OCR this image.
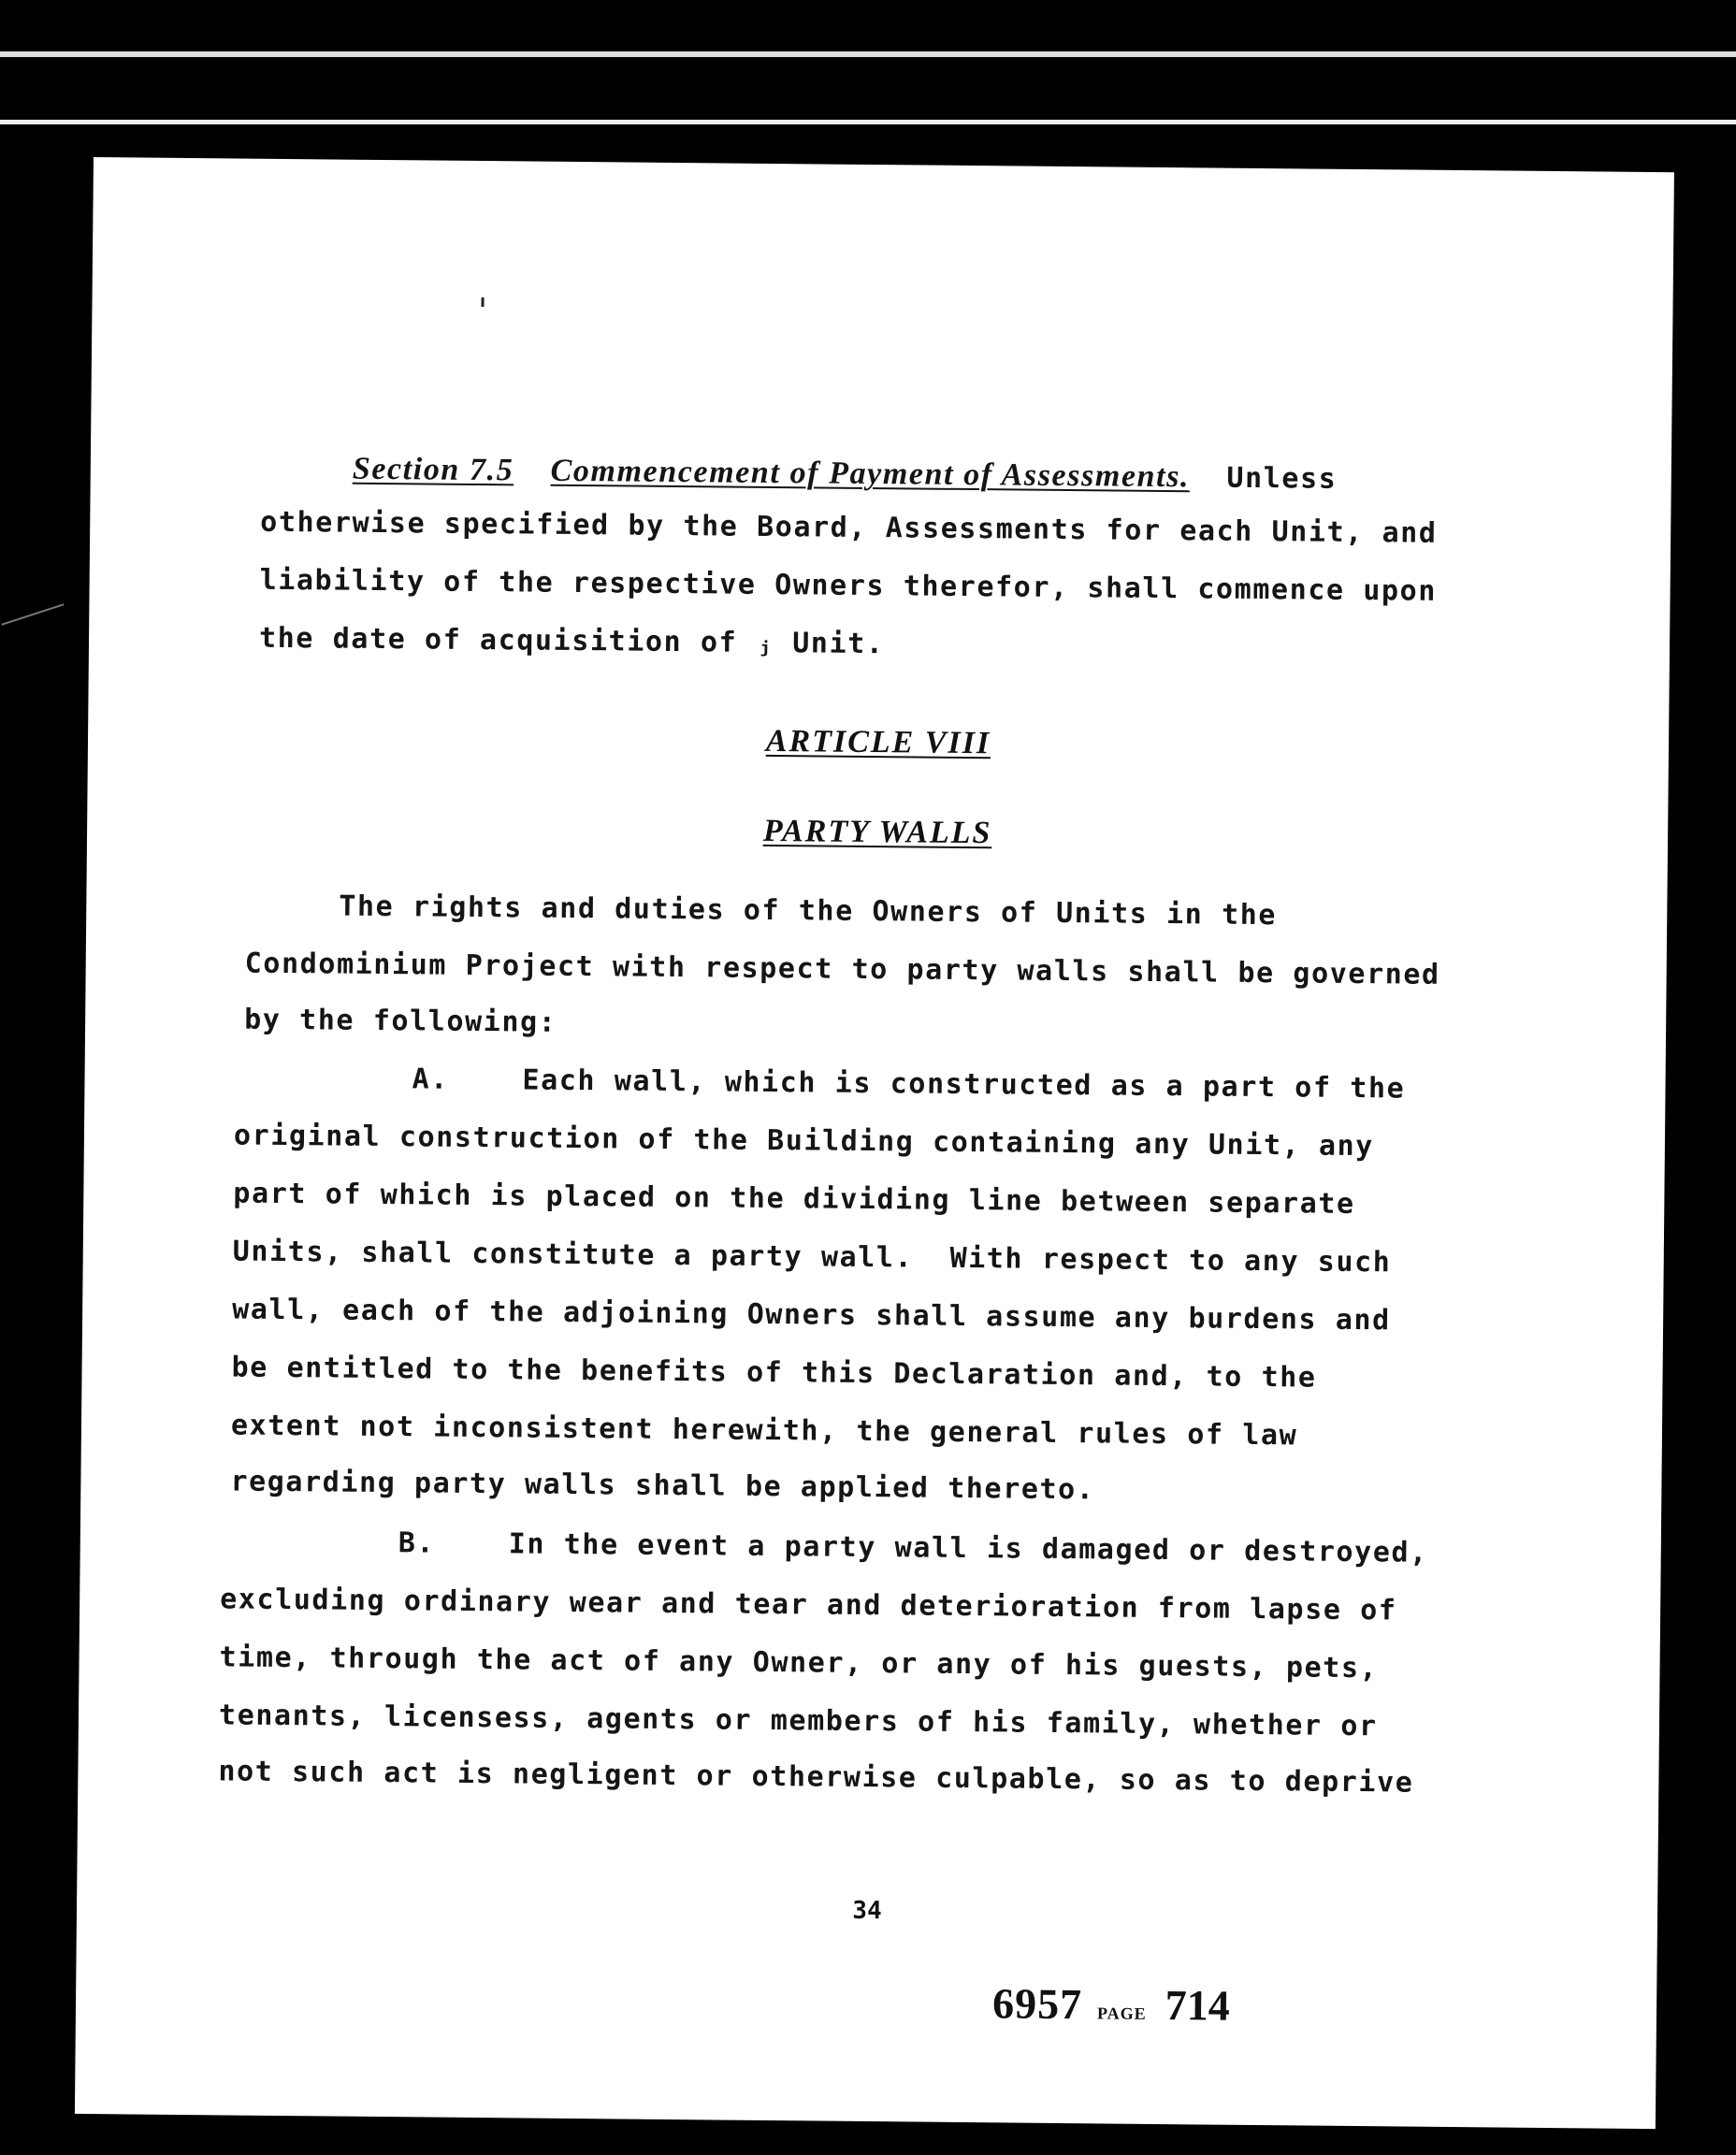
Section 7.5 Commencement of Payment of Assessments. Unless
otherwise specified by the Board, Assessments for each Unit, and
liability of the respective Owners therefor, shall commence upon
the date of acquisition of ⱼ Unit.
ARTICLE VIII
PARTY WALLS
The rights and duties of the Owners of Units in the
Condominium Project with respect to party walls shall be governed
by the following:
A.    Each wall, which is constructed as a part of the
original construction of the Building containing any Unit, any
part of which is placed on the dividing line between separate
Units, shall constitute a party wall.  With respect to any such
wall, each of the adjoining Owners shall assume any burdens and
be entitled to the benefits of this Declaration and, to the
extent not inconsistent herewith, the general rules of law
regarding party walls shall be applied thereto.
B.    In the event a party wall is damaged or destroyed,
excluding ordinary wear and tear and deterioration from lapse of
time, through the act of any Owner, or any of his guests, pets,
tenants, licensess, agents or members of his family, whether or
not such act is negligent or otherwise culpable, so as to deprive
34
6957 PAGE 714
